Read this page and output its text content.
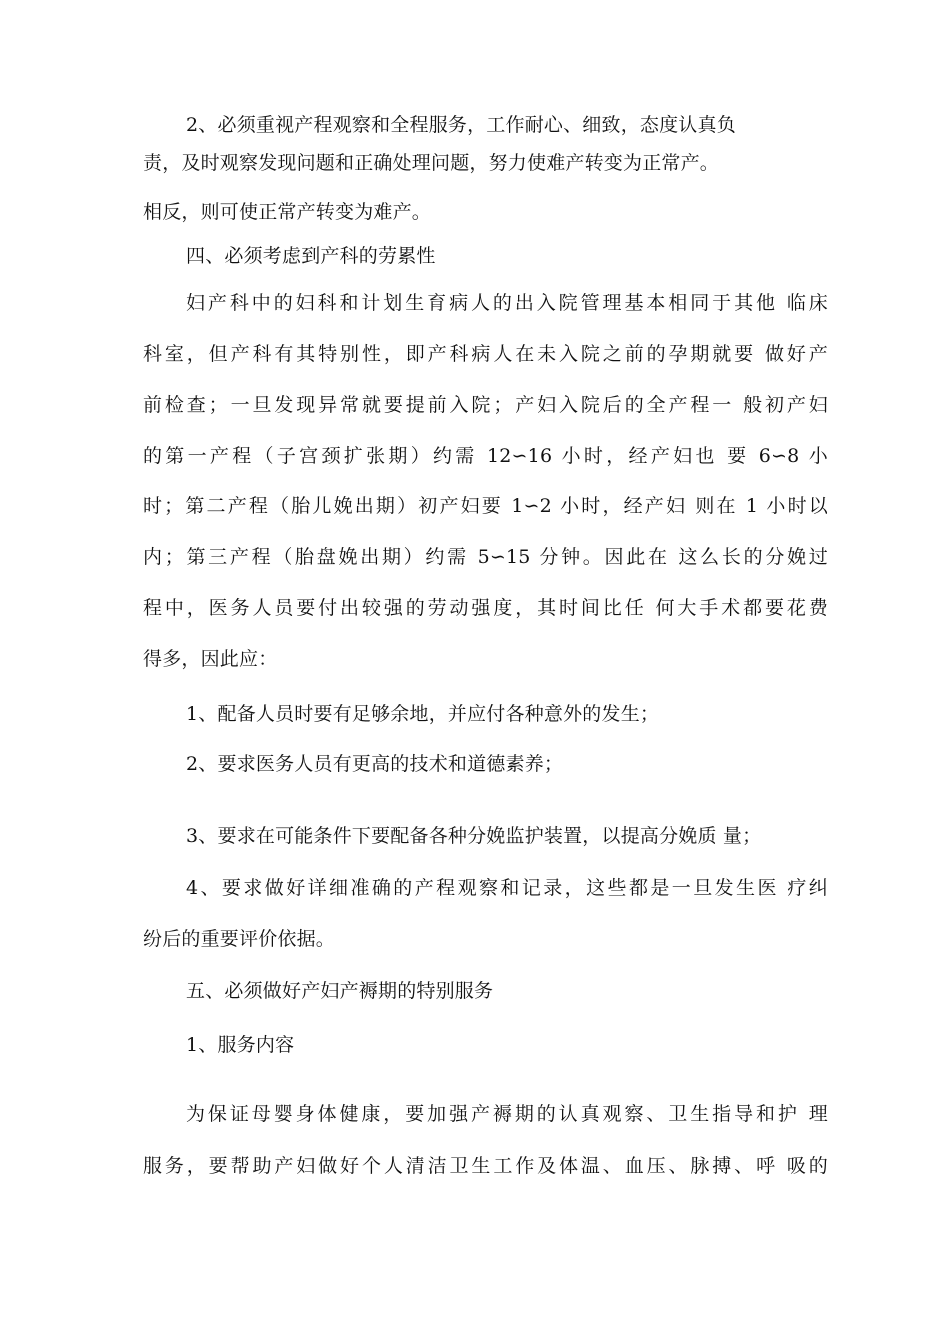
2、必须重视产程观察和全程服务，工作耐心、细致，态度认真负
责，及时观察发现问题和正确处理问题，努力使难产转变为正常产。
相反，则可使正常产转变为难产。
四、必须考虑到产科的劳累性
妇产科中的妇科和计划生育病人的出入院管理基本相同于其他 临床
科室，但产科有其特别性，即产科病人在未入院之前的孕期就要 做好产
前检查；一旦发现异常就要提前入院；产妇入院后的全产程一 般初产妇
的第一产程（子宫颈扩张期）约需 12∽16 小时，经产妇也 要 6∽8 小
时；第二产程（胎儿娩出期）初产妇要 1∽2 小时，经产妇 则在 1 小时以
内；第三产程（胎盘娩出期）约需 5∽15 分钟。因此在 这么长的分娩过
程中，医务人员要付出较强的劳动强度，其时间比任 何大手术都要花费
得多，因此应：
1、配备人员时要有足够余地，并应付各种意外的发生；
2、要求医务人员有更高的技术和道德素养；
3、要求在可能条件下要配备各种分娩监护装置，以提高分娩质 量；
4、要求做好详细准确的产程观察和记录，这些都是一旦发生医 疗纠
纷后的重要评价依据。
五、必须做好产妇产褥期的特别服务
1、服务内容
为保证母婴身体健康，要加强产褥期的认真观察、卫生指导和护 理
服务，要帮助产妇做好个人清洁卫生工作及体温、血压、脉搏、呼 吸的
